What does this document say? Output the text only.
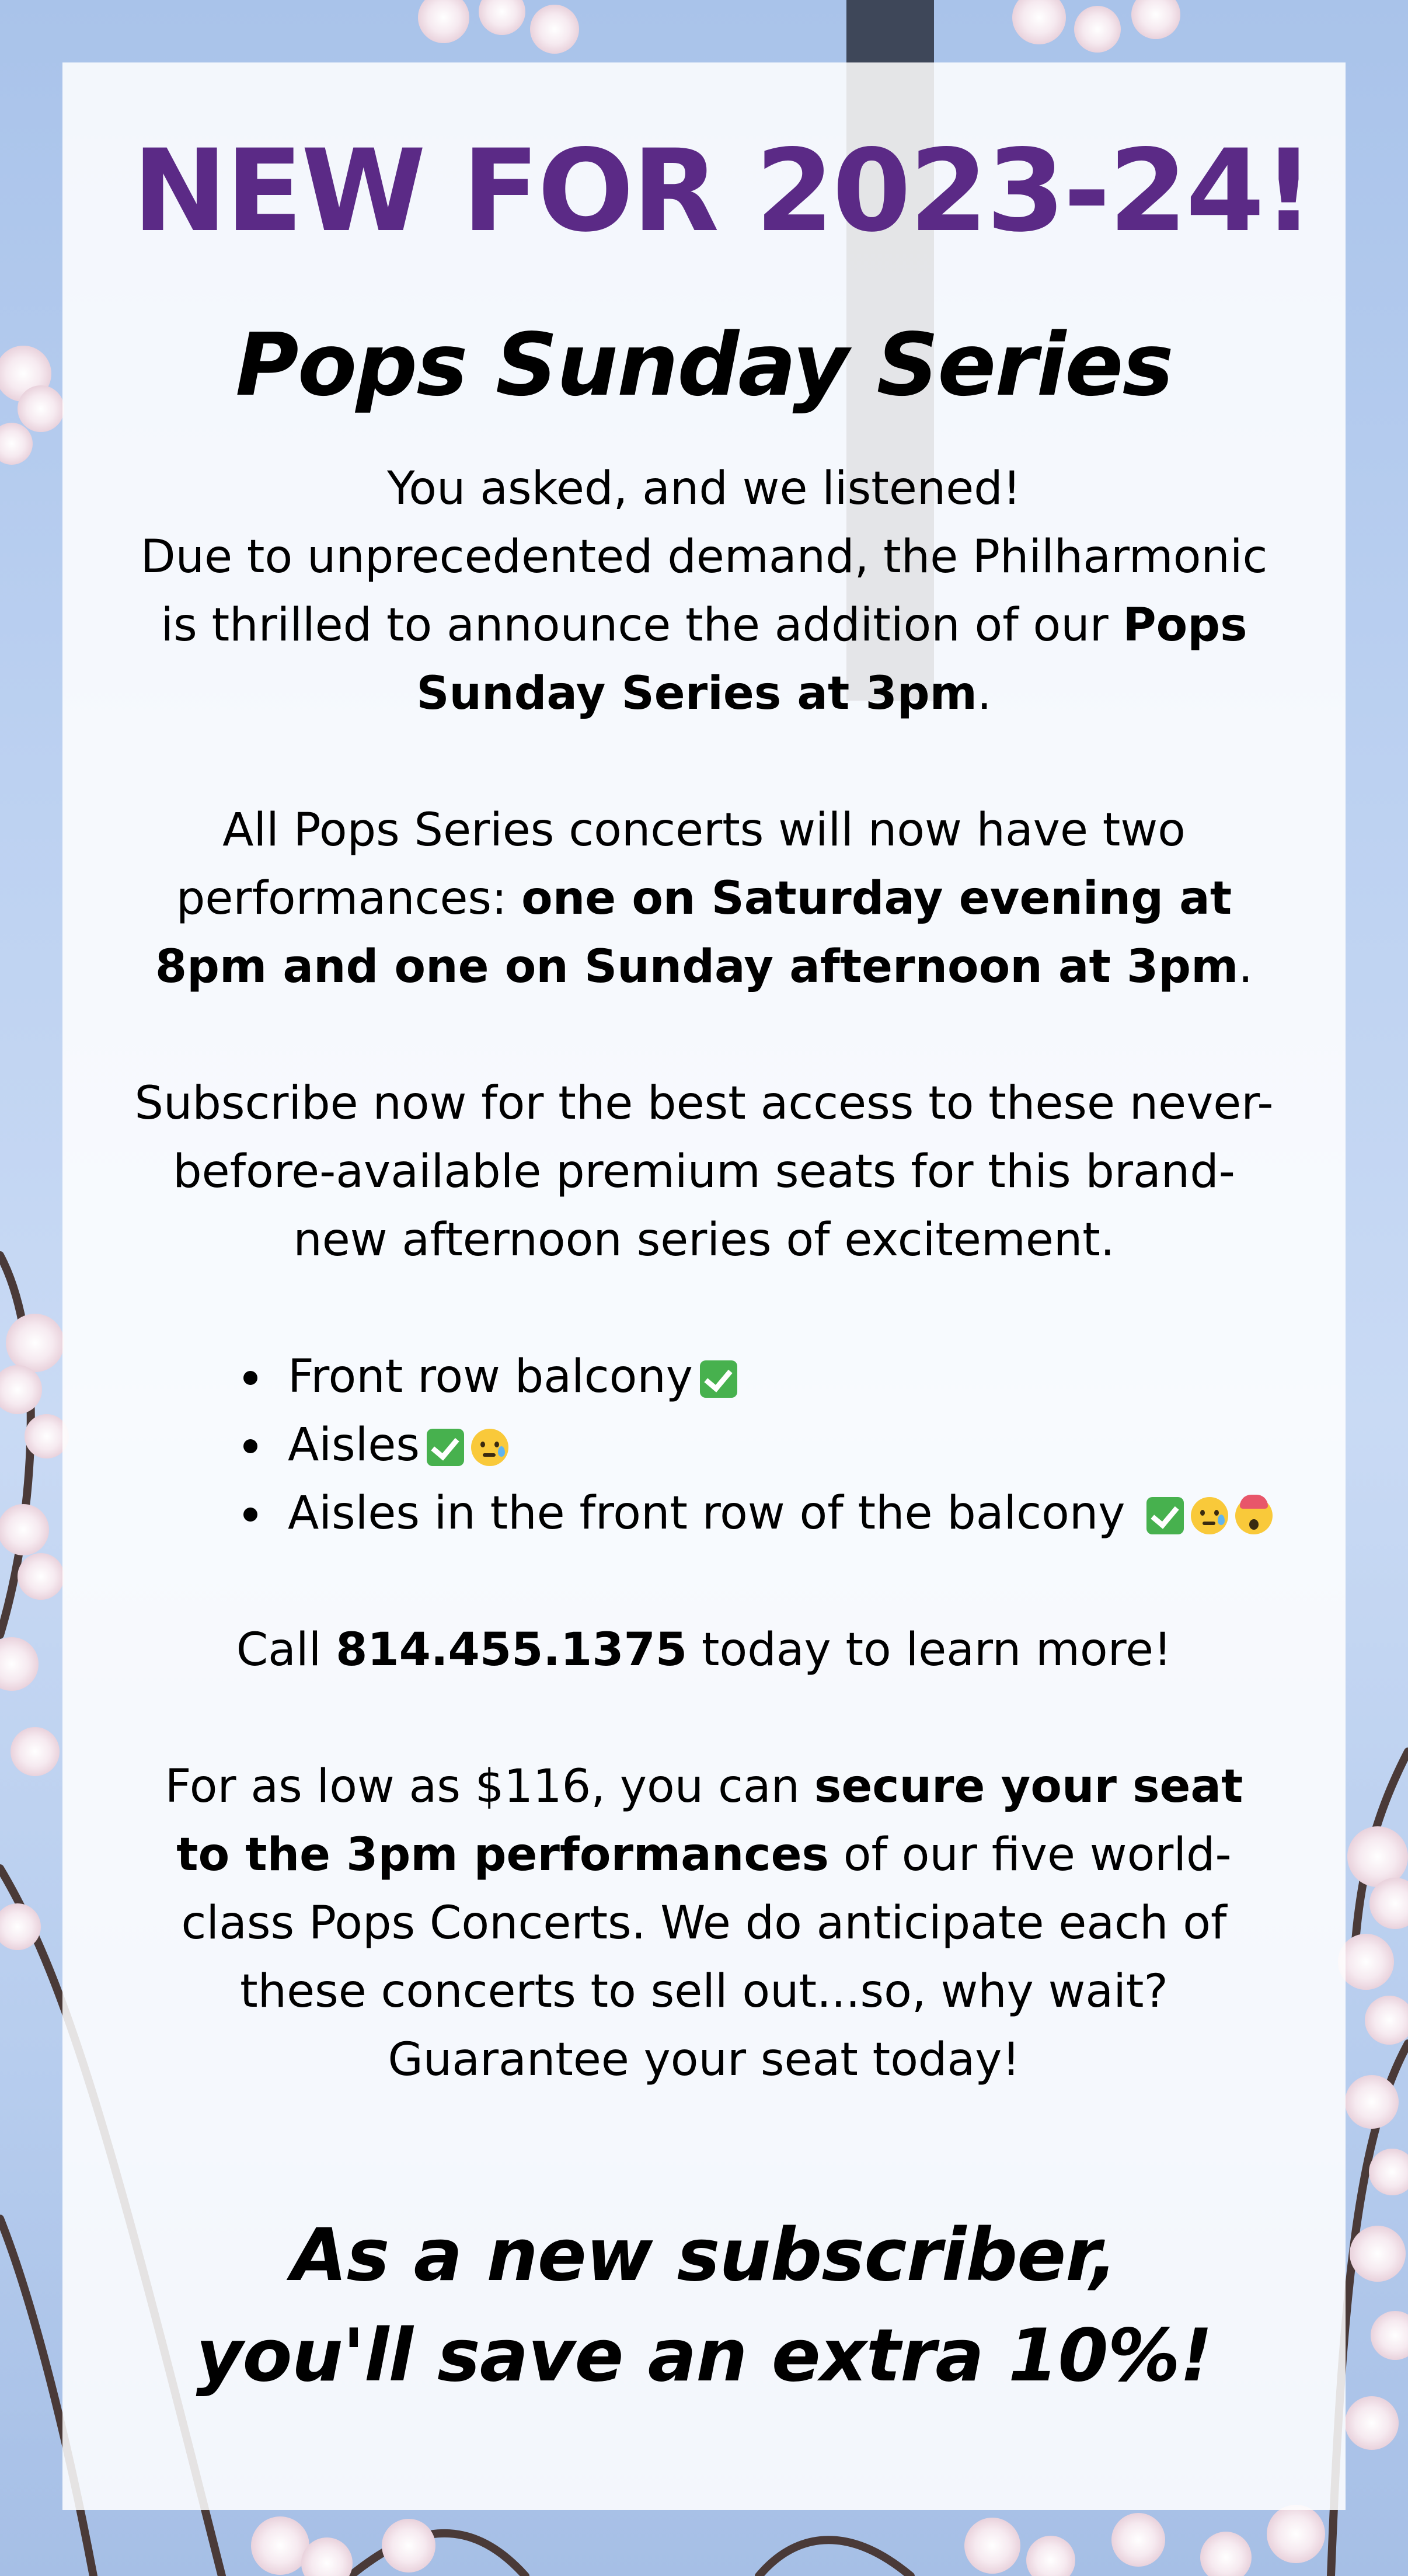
NEW FOR 2023-24!
Pops Sunday Series

You asked, and we listened!
Due to unprecedented demand, the Philharmonic is thrilled to announce the addition of our Pops Sunday Series at 3pm.

All Pops Series concerts will now have two performances: one on Saturday evening at 8pm and one on Sunday afternoon at 3pm.

Subscribe now for the best access to these never-before-available premium seats for this brand-new afternoon series of excitement.

Front row balcony
Aisles
Aisles in the front row of the balcony

Call 814.455.1375 today to learn more!

For as low as $116, you can secure your seat to the 3pm performances of our five world-class Pops Concerts. We do anticipate each of these concerts to sell out...so, why wait? Guarantee your seat today!

As a new subscriber,

you'll save an extra 10%!
